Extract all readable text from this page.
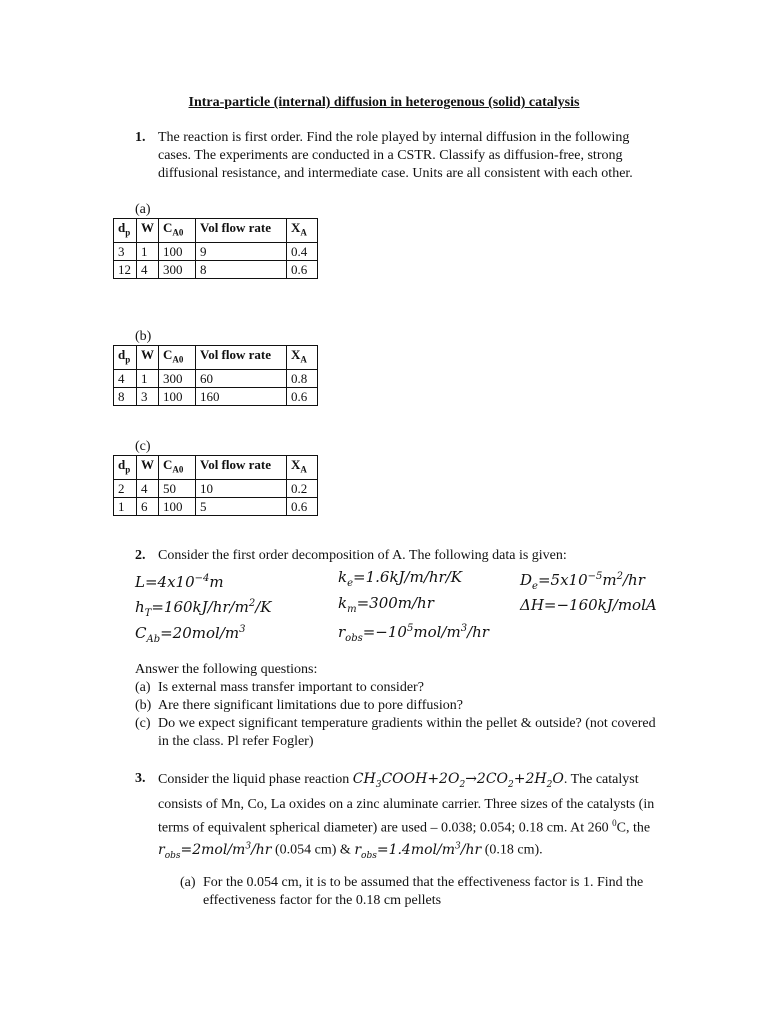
Intra-particle (internal) diffusion in heterogenous (solid) catalysis
1. The reaction is first order. Find the role played by internal diffusion in the following cases. The experiments are conducted in a CSTR. Classify as diffusion-free, strong diffusional resistance, and intermediate case. Units are all consistent with each other.
(a)
$d_p$	W	$C_{A0}$	Vol flow rate	$X_A$
3	1	100	9	0.4
12	4	300	8	0.6
(b)
$d_p$	W	$C_{A0}$	Vol flow rate	$X_A$
4	1	300	60	0.8
8	3	100	160	0.6
(c)
$d_p$	W	$C_{A0}$	Vol flow rate	$X_A$
2	4	50	10	0.2
1	6	100	5	0.6
2. Consider the first order decomposition of A. The following data is given:
$L=4x10^{-4}m$	$k_e=1.6kJ/m/hr/K$	$D_e=5x10^{-5}m^2/hr$
$h_T=160kJ/hr/m^2/K$	$k_m=300m/hr$	ΔH=−160kJ/molA
$C_{Ab}=20mol/m^3$	$r_{obs}=-10^5mol/m^3/hr$
Answer the following questions:
(a) Is external mass transfer important to consider?
(b) Are there significant limitations due to pore diffusion?
(c) Do we expect significant temperature gradients within the pellet & outside? (not covered in the class. Pl refer Fogler)
3. Consider the liquid phase reaction $CH_3COOH+2O_2\to 2CO_2+2H_2O$. The catalyst consists of Mn, Co, La oxides on a zinc aluminate carrier. Three sizes of the catalysts (in terms of equivalent spherical diameter) are used – 0.038; 0.054; 0.18 cm. At 260 $^0$C, the $r_{obs}=2mol/m^3/hr$ (0.054 cm) & $r_{obs}=1.4mol/m^3/hr$ (0.18 cm).
(a) For the 0.054 cm, it is to be assumed that the effectiveness factor is 1. Find the effectiveness factor for the 0.18 cm pellets
